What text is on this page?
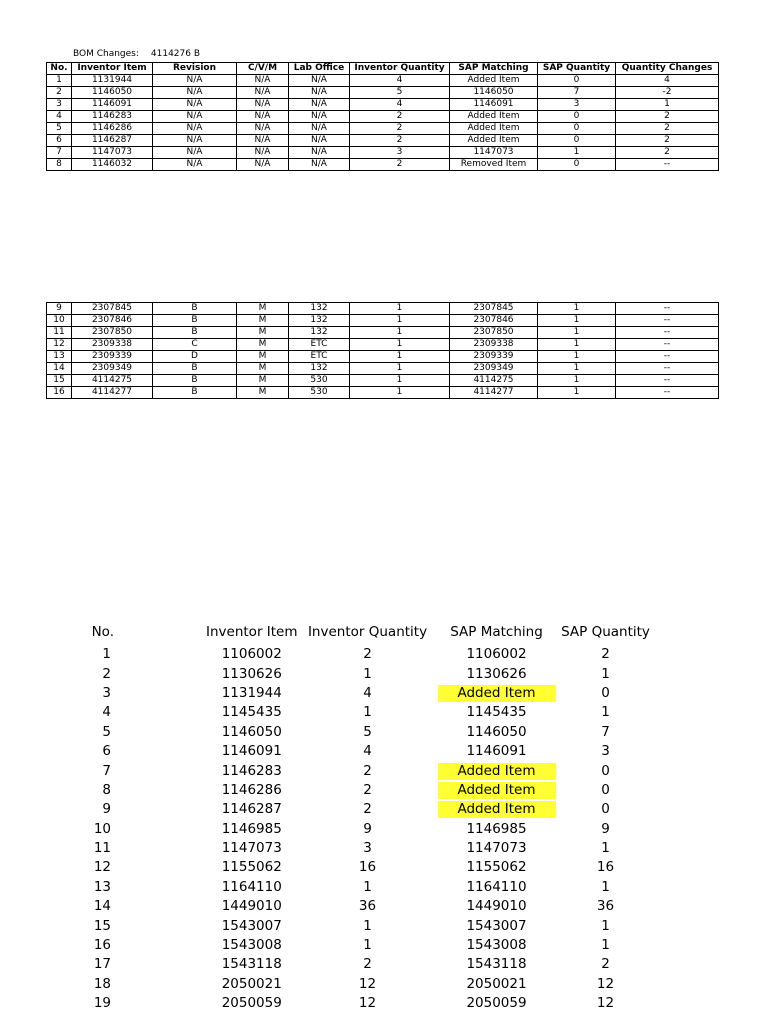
BOM Changes: 4114276 B
No.	Inventor Item	Revision	C/V/M	Lab Office	Inventor Quantity	SAP Matching	SAP Quantity	Quantity Changes
1	1131944	N/A	N/A	N/A	4	Added Item	0	4
2	1146050	N/A	N/A	N/A	5	1146050	7	-2
3	1146091	N/A	N/A	N/A	4	1146091	3	1
4	1146283	N/A	N/A	N/A	2	Added Item	0	2
5	1146286	N/A	N/A	N/A	2	Added Item	0	2
6	1146287	N/A	N/A	N/A	2	Added Item	0	2
7	1147073	N/A	N/A	N/A	3	1147073	1	2
8	1146032	N/A	N/A	N/A	2	Removed Item	0	--
9	2307845	B	M	132	1	2307845	1	--
10	2307846	B	M	132	1	2307846	1	--
11	2307850	B	M	132	1	2307850	1	--
12	2309338	C	M	ETC	1	2309338	1	--
13	2309339	D	M	ETC	1	2309339	1	--
14	2309349	B	M	132	1	2309349	1	--
15	4114275	B	M	530	1	4114275	1	--
16	4114277	B	M	530	1	4114277	1	--
No.	Inventor Item	Inventor Quantity	SAP Matching	SAP Quantity
1	1106002	2	1106002	2
2	1130626	1	1130626	1
3	1131944	4	Added Item	0
4	1145435	1	1145435	1
5	1146050	5	1146050	7
6	1146091	4	1146091	3
7	1146283	2	Added Item	0
8	1146286	2	Added Item	0
9	1146287	2	Added Item	0
10	1146985	9	1146985	9
11	1147073	3	1147073	1
12	1155062	16	1155062	16
13	1164110	1	1164110	1
14	1449010	36	1449010	36
15	1543007	1	1543007	1
16	1543008	1	1543008	1
17	1543118	2	1543118	2
18	2050021	12	2050021	12
19	2050059	12	2050059	12
